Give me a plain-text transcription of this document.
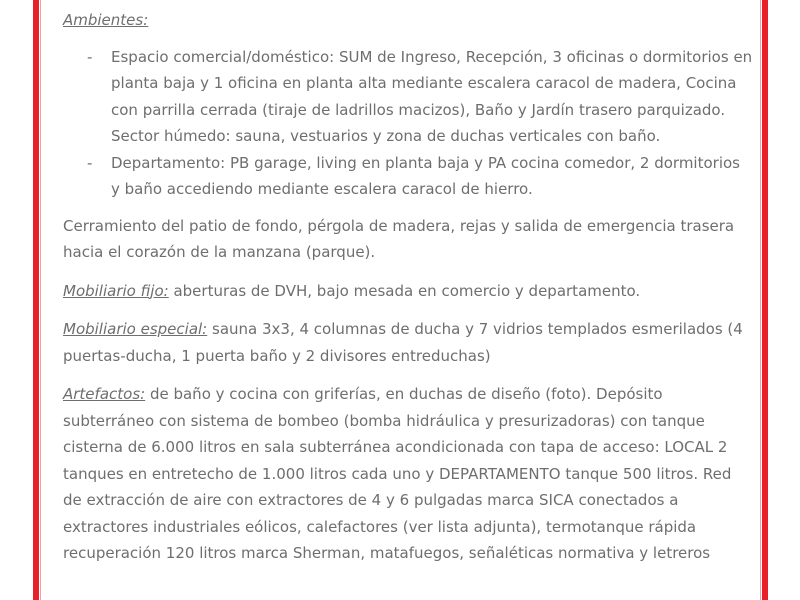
Ambientes:
- Espacio comercial/doméstico: SUM de Ingreso, Recepción, 3 oficinas o dormitorios en planta baja y 1 oficina en planta alta mediante escalera caracol de madera, Cocina con parrilla cerrada (tiraje de ladrillos macizos), Baño y Jardín trasero parquizado. Sector húmedo: sauna, vestuarios y zona de duchas verticales con baño.
- Departamento: PB garage, living en planta baja y PA cocina comedor, 2 dormitorios y baño accediendo mediante escalera caracol de hierro.

Cerramiento del patio de fondo, pérgola de madera, rejas y salida de emergencia trasera hacia el corazón de la manzana (parque).

Mobiliario fijo: aberturas de DVH, bajo mesada en comercio y departamento.

Mobiliario especial: sauna 3x3, 4 columnas de ducha y 7 vidrios templados esmerilados (4 puertas-ducha, 1 puerta baño y 2 divisores entreduchas)

Artefactos: de baño y cocina con griferías, en duchas de diseño (foto). Depósito subterráneo con sistema de bombeo (bomba hidráulica y presurizadoras) con tanque cisterna de 6.000 litros en sala subterránea acondicionada con tapa de acceso: LOCAL 2 tanques en entretecho de 1.000 litros cada uno y DEPARTAMENTO tanque 500 litros. Red de extracción de aire con extractores de 4 y 6 pulgadas marca SICA conectados a extractores industriales eólicos, calefactores (ver lista adjunta), termotanque rápida recuperación 120 litros marca Sherman, matafuegos, señaléticas normativa y letreros
